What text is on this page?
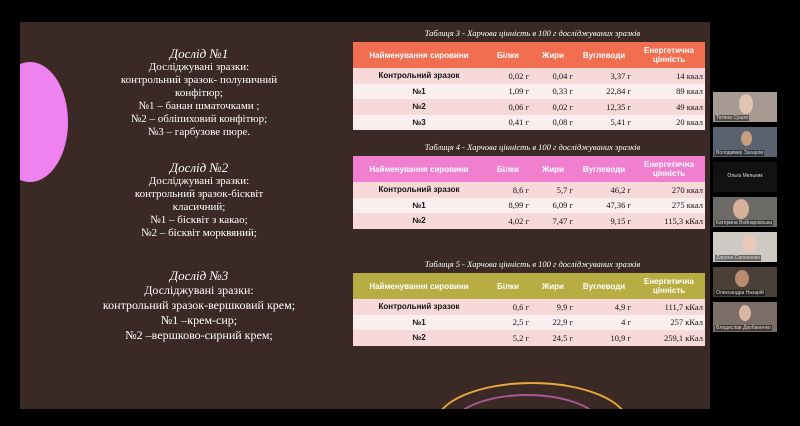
Дослід №1
Досліджувані зразки:
контрольний зразок- полуничний
конфітюр;
№1 – банан шматочками ;
№2 – обліпиховий конфітюр;
№3 – гарбузове пюре.
Дослід №2
Досліджувані зразки:
контрольний зразок-бісквіт
класичний;
№1 – бісквіт з какао;
№2 – бісквіт морквяний;
Дослід №3
Досліджувані зразки:
контрольний зразок-вершковий крем;
№1 –крем-сир;
№2 –вершково-сирний крем;
Таблиця 3 - Харчова цінність в 100 г досліджуваних зразків
Найменування сировини	Білки	Жири	Вуглеводи	Енергетична цінність
Контрольний зразок	0,02 г	0,04 г	3,37 г	14 ккал
№1	1,09 г	0,33 г	22,84 г	89 ккал
№2	0,06 г	0,02 г	12,35 г	49 ккал
№3	0,41 г	0,08 г	5,41 г	20 ккал
Таблиця 4 - Харчова цінність в 100 г досліджуваних зразків
Найменування сировини	Білки	Жири	Вуглеводи	Енергетична цінність
Контрольний зразок	8,6 г	5,7 г	46,2 г	270 ккал
№1	8,99 г	6,09 г	47,36 г	275 ккал
№2	4,02 г	7,47 г	9,15 г	115,3 кКал
Таблиця 5 - Харчова цінність в 100 г досліджуваних зразків
Найменування сировини	Білки	Жири	Вуглеводи	Енергетична цінність
Контрольний зразок	0,6 г	9,9 г	4,9 г	111,7 кКал
№1	2,5 г	22,9 г	4 г	257 кКал
№2	5,2 г	24,5 г	10,9 г	259,1 кКал
Тетяна Сушко
Володимир Захаров
Ольга Мельник
Катерина Войнаровська
Дарина Сапоненко
Олександра Назарій
Владислав Двобаненко
